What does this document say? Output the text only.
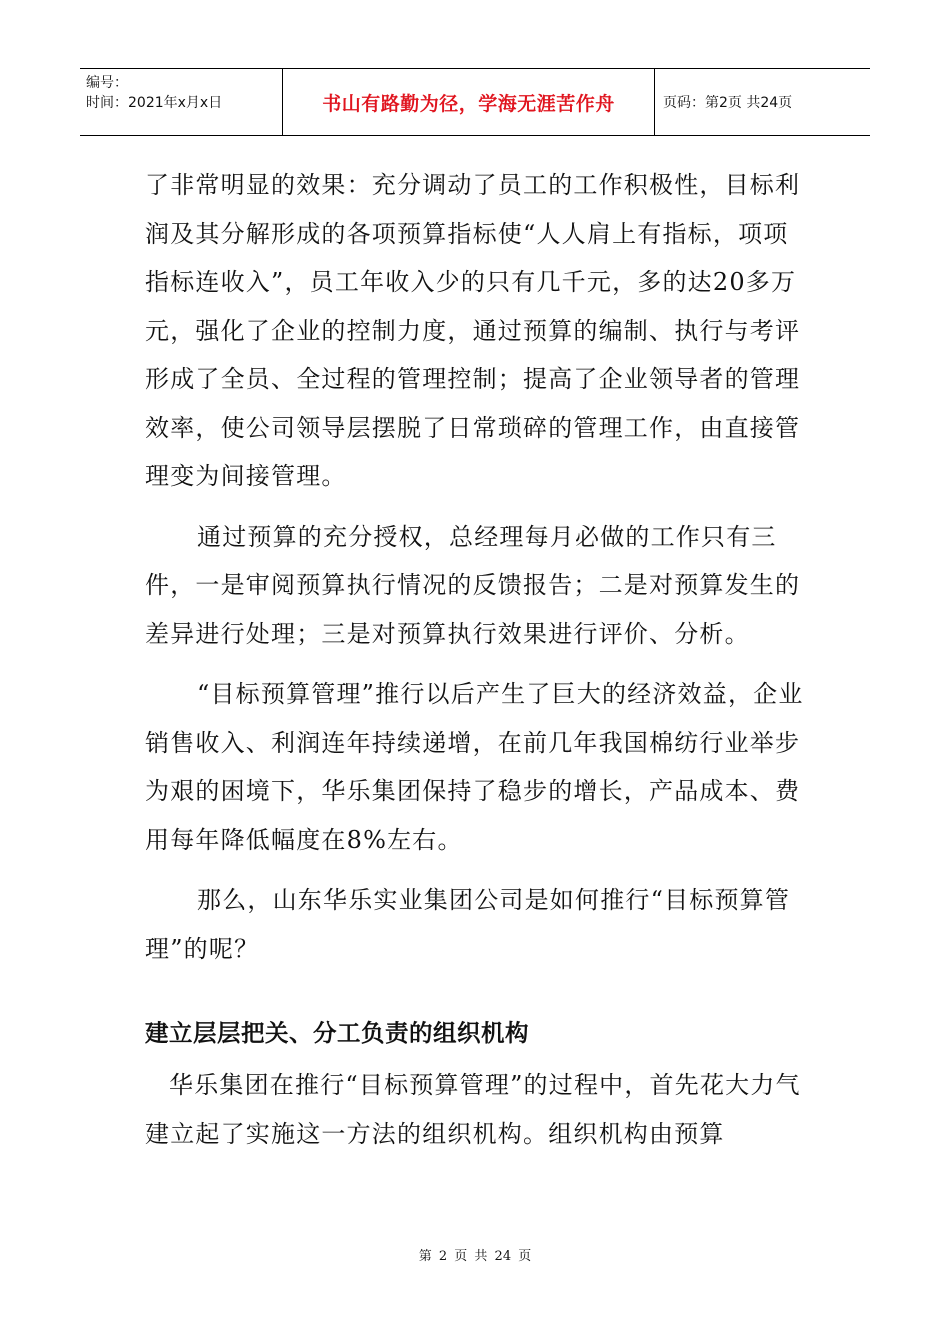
编号：
时间：2021年x月x日	书山有路勤为径，学海无涯苦作舟	页码：第2页 共24页

了非常明显的效果：充分调动了员工的工作积极性，目标利润及其分解形成的各项预算指标使“人人肩上有指标，项项指标连收入”，员工年收入少的只有几千元，多的达20多万元，强化了企业的控制力度，通过预算的编制、执行与考评形成了全员、全过程的管理控制；提高了企业领导者的管理效率，使公司领导层摆脱了日常琐碎的管理工作，由直接管理变为间接管理。

通过预算的充分授权，总经理每月必做的工作只有三件，一是审阅预算执行情况的反馈报告；二是对预算发生的差异进行处理；三是对预算执行效果进行评价、分析。

“目标预算管理”推行以后产生了巨大的经济效益，企业销售收入、利润连年持续递增，在前几年我国棉纺行业举步为艰的困境下，华乐集团保持了稳步的增长，产品成本、费用每年降低幅度在8%左右。

那么，山东华乐实业集团公司是如何推行“目标预算管理”的呢？

建立层层把关、分工负责的组织机构

华乐集团在推行“目标预算管理”的过程中，首先花大力气建立起了实施这一方法的组织机构。组织机构由预算

第 2 页 共 24 页
